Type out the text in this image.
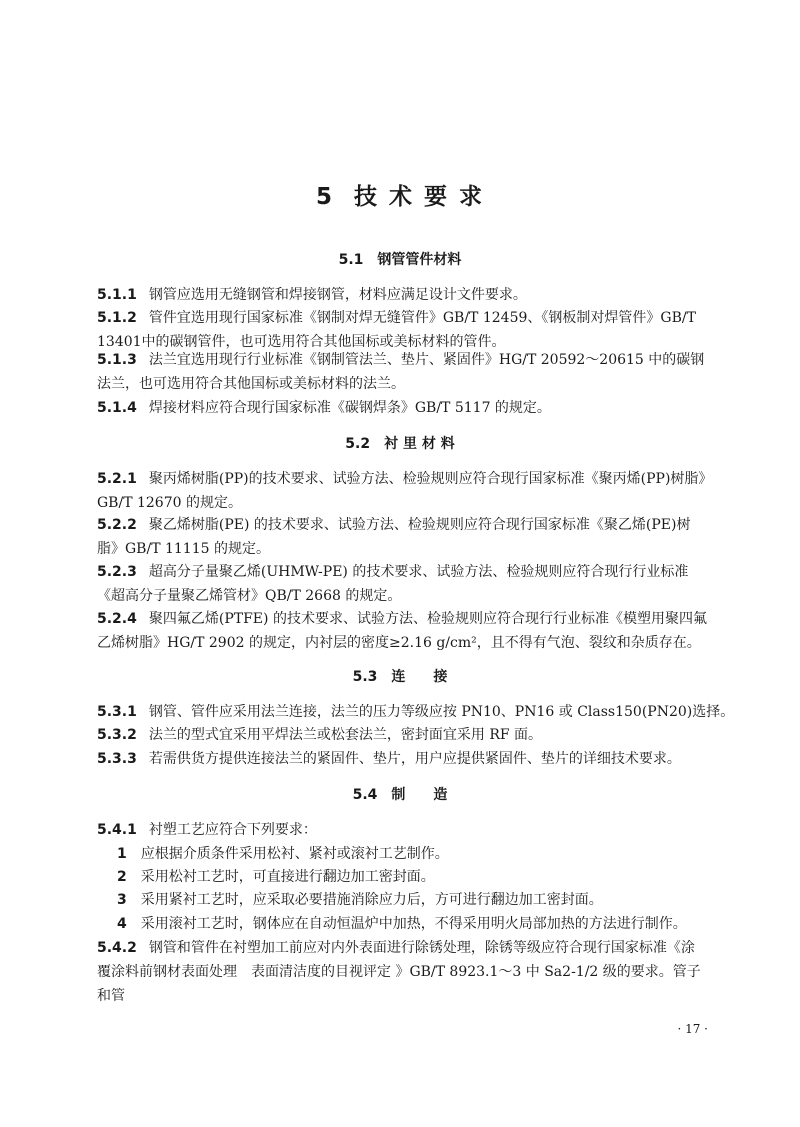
5 技 术 要 求
5.1 钢管管件材料
5.1.1 钢管应选用无缝钢管和焊接钢管，材料应满足设计文件要求。
5.1.2 管件宜选用现行国家标准《钢制对焊无缝管件》GB/T 12459、《钢板制对焊管件》GB/T 13401中的碳钢管件，也可选用符合其他国标或美标材料的管件。
5.1.3 法兰宜选用现行行业标准《钢制管法兰、垫片、紧固件》HG/T 20592～20615 中的碳钢法兰，也可选用符合其他国标或美标材料的法兰。
5.1.4 焊接材料应符合现行国家标准《碳钢焊条》GB/T 5117 的规定。
5.2 衬 里 材 料
5.2.1 聚丙烯树脂(PP)的技术要求、试验方法、检验规则应符合现行国家标准《聚丙烯(PP)树脂》GB/T 12670 的规定。
5.2.2 聚乙烯树脂(PE) 的技术要求、试验方法、检验规则应符合现行国家标准《聚乙烯(PE)树脂》GB/T 11115 的规定。
5.2.3 超高分子量聚乙烯(UHMW-PE) 的技术要求、试验方法、检验规则应符合现行行业标准《超高分子量聚乙烯管材》QB/T 2668 的规定。
5.2.4 聚四氟乙烯(PTFE) 的技术要求、试验方法、检验规则应符合现行行业标准《模塑用聚四氟乙烯树脂》HG/T 2902 的规定，内衬层的密度≥2.16 g/cm²，且不得有气泡、裂纹和杂质存在。
5.3 连　　接
5.3.1 钢管、管件应采用法兰连接，法兰的压力等级应按 PN10、PN16 或 Class150(PN20)选择。
5.3.2 法兰的型式宜采用平焊法兰或松套法兰，密封面宜采用 RF 面。
5.3.3 若需供货方提供连接法兰的紧固件、垫片，用户应提供紧固件、垫片的详细技术要求。
5.4 制　　造
5.4.1 衬塑工艺应符合下列要求：
1 应根据介质条件采用松衬、紧衬或滚衬工艺制作。
2 采用松衬工艺时，可直接进行翻边加工密封面。
3 采用紧衬工艺时，应采取必要措施消除应力后，方可进行翻边加工密封面。
4 采用滚衬工艺时，钢体应在自动恒温炉中加热，不得采用明火局部加热的方法进行制作。
5.4.2 钢管和管件在衬塑加工前应对内外表面进行除锈处理，除锈等级应符合现行国家标准《涂覆涂料前钢材表面处理　表面清洁度的目视评定 》GB/T 8923.1～3 中 Sa2-1/2 级的要求。管子和管
· 17 ·
